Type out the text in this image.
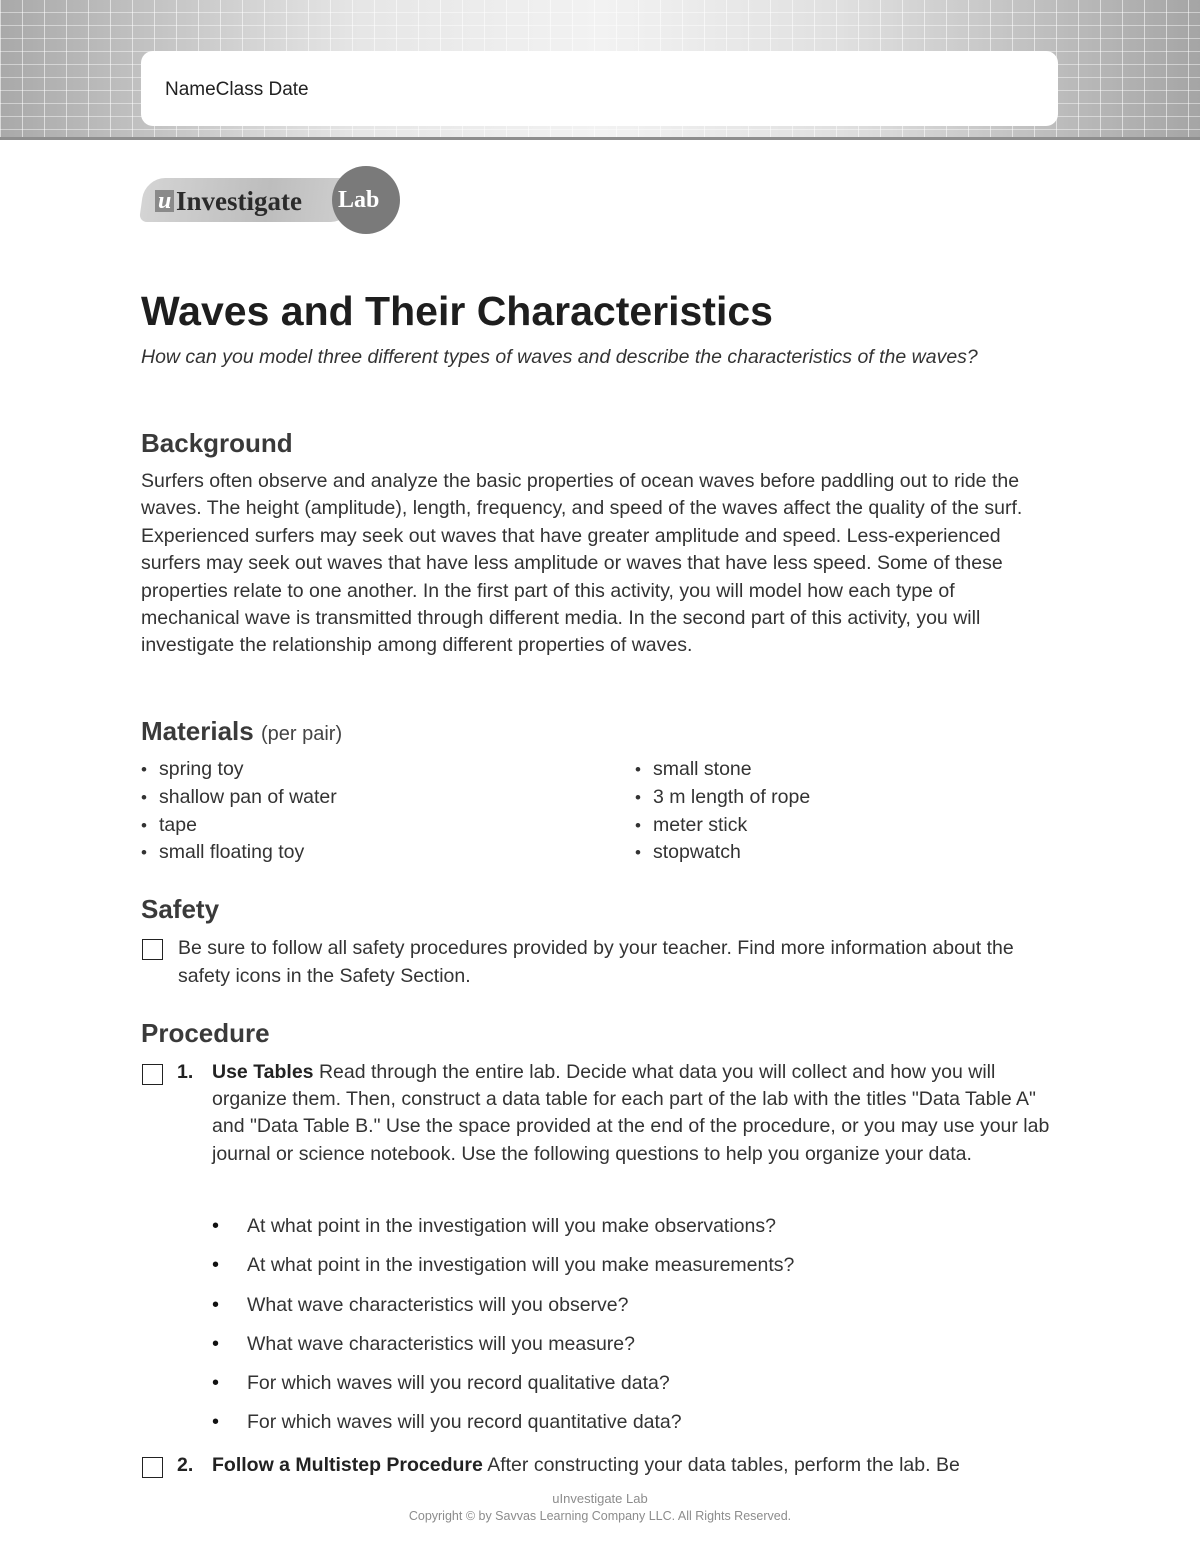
NameClass Date
u Investigate Lab
Waves and Their Characteristics

How can you model three different types of waves and describe the characteristics of the waves?

Background

Surfers often observe and analyze the basic properties of ocean waves before paddling out to ride the waves. The height (amplitude), length, frequency, and speed of the waves affect the quality of the surf. Experienced surfers may seek out waves that have greater amplitude and speed. Less-experienced surfers may seek out waves that have less amplitude or waves that have less speed. Some of these properties relate to one another. In the first part of this activity, you will model how each type of mechanical wave is transmitted through different media. In the second part of this activity, you will investigate the relationship among different properties of waves.

Materials (per pair)
• spring toy
• shallow pan of water
• tape
• small floating toy
• small stone
• 3 m length of rope
• meter stick
• stopwatch
Safety

Be sure to follow all safety procedures provided by your teacher. Find more information about the safety icons in the Safety Section.

Procedure
1. Use Tables Read through the entire lab. Decide what data you will collect and how you will organize them. Then, construct a data table for each part of the lab with the titles "Data Table A" and "Data Table B." Use the space provided at the end of the procedure, or you may use your lab journal or science notebook. Use the following questions to help you organize your data.

• At what point in the investigation will you make observations?
• At what point in the investigation will you make measurements?
• What wave characteristics will you observe?
• What wave characteristics will you measure?
• For which waves will you record qualitative data?
• For which waves will you record quantitative data?
2. Follow a Multistep Procedure After constructing your data tables, perform the lab. Be

uInvestigate Lab
Copyright © by Savvas Learning Company LLC. All Rights Reserved.
